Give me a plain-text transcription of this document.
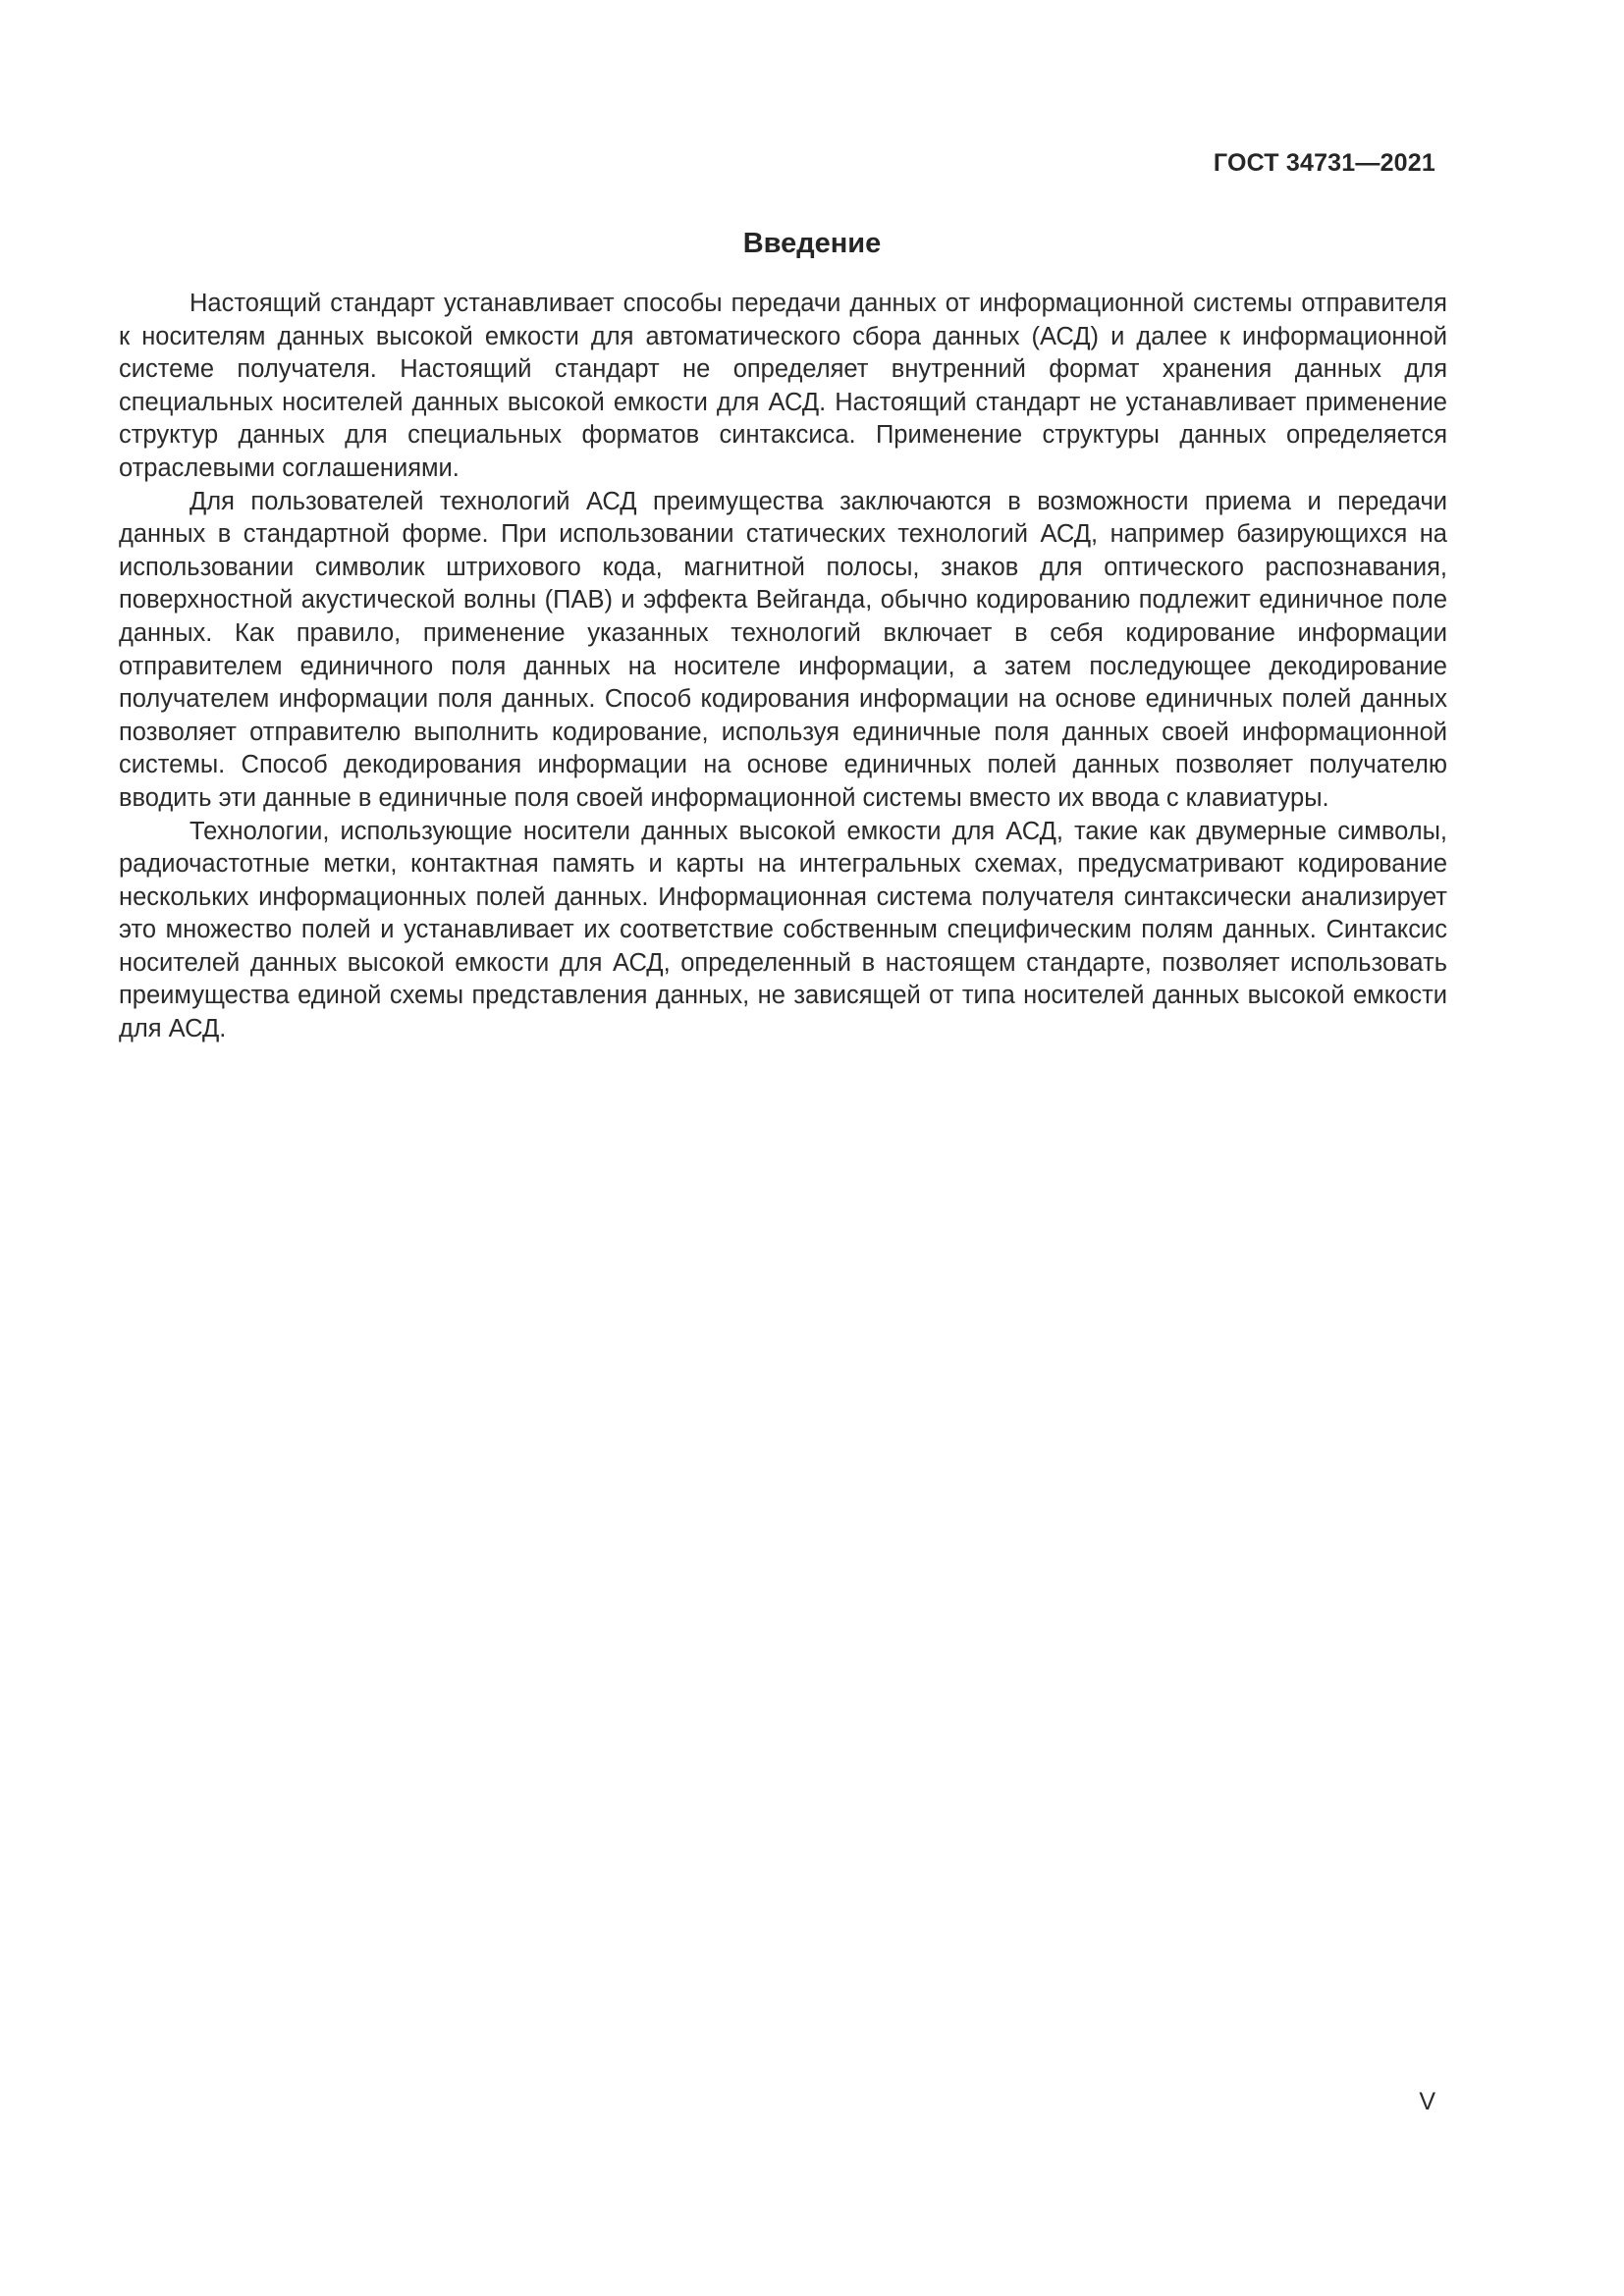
ГОСТ 34731—2021
Введение

Настоящий стандарт устанавливает способы передачи данных от информационной системы отправителя к носителям данных высокой емкости для автоматического сбора данных (АСД) и далее к информационной системе получателя. Настоящий стандарт не определяет внутренний формат хранения данных для специальных носителей данных высокой емкости для АСД. Настоящий стандарт не устанавливает применение структур данных для специальных форматов синтаксиса. Применение структуры данных определяется отраслевыми соглашениями.

Для пользователей технологий АСД преимущества заключаются в возможности приема и передачи данных в стандартной форме. При использовании статических технологий АСД, например базирующихся на использовании символик штрихового кода, магнитной полосы, знаков для оптического распознавания, поверхностной акустической волны (ПАВ) и эффекта Вейганда, обычно кодированию подлежит единичное поле данных. Как правило, применение указанных технологий включает в себя кодирование информации отправителем единичного поля данных на носителе информации, а затем последующее декодирование получателем информации поля данных. Способ кодирования информации на основе единичных полей данных позволяет отправителю выполнить кодирование, используя единичные поля данных своей информационной системы. Способ декодирования информации на основе единичных полей данных позволяет получателю вводить эти данные в единичные поля своей информационной системы вместо их ввода с клавиатуры.

Технологии, использующие носители данных высокой емкости для АСД, такие как двумерные символы, радиочастотные метки, контактная память и карты на интегральных схемах, предусматривают кодирование нескольких информационных полей данных. Информационная система получателя синтаксически анализирует это множество полей и устанавливает их соответствие собственным специфическим полям данных. Синтаксис носителей данных высокой емкости для АСД, определенный в настоящем стандарте, позволяет использовать преимущества единой схемы представления данных, не зависящей от типа носителей данных высокой емкости для АСД.

V
